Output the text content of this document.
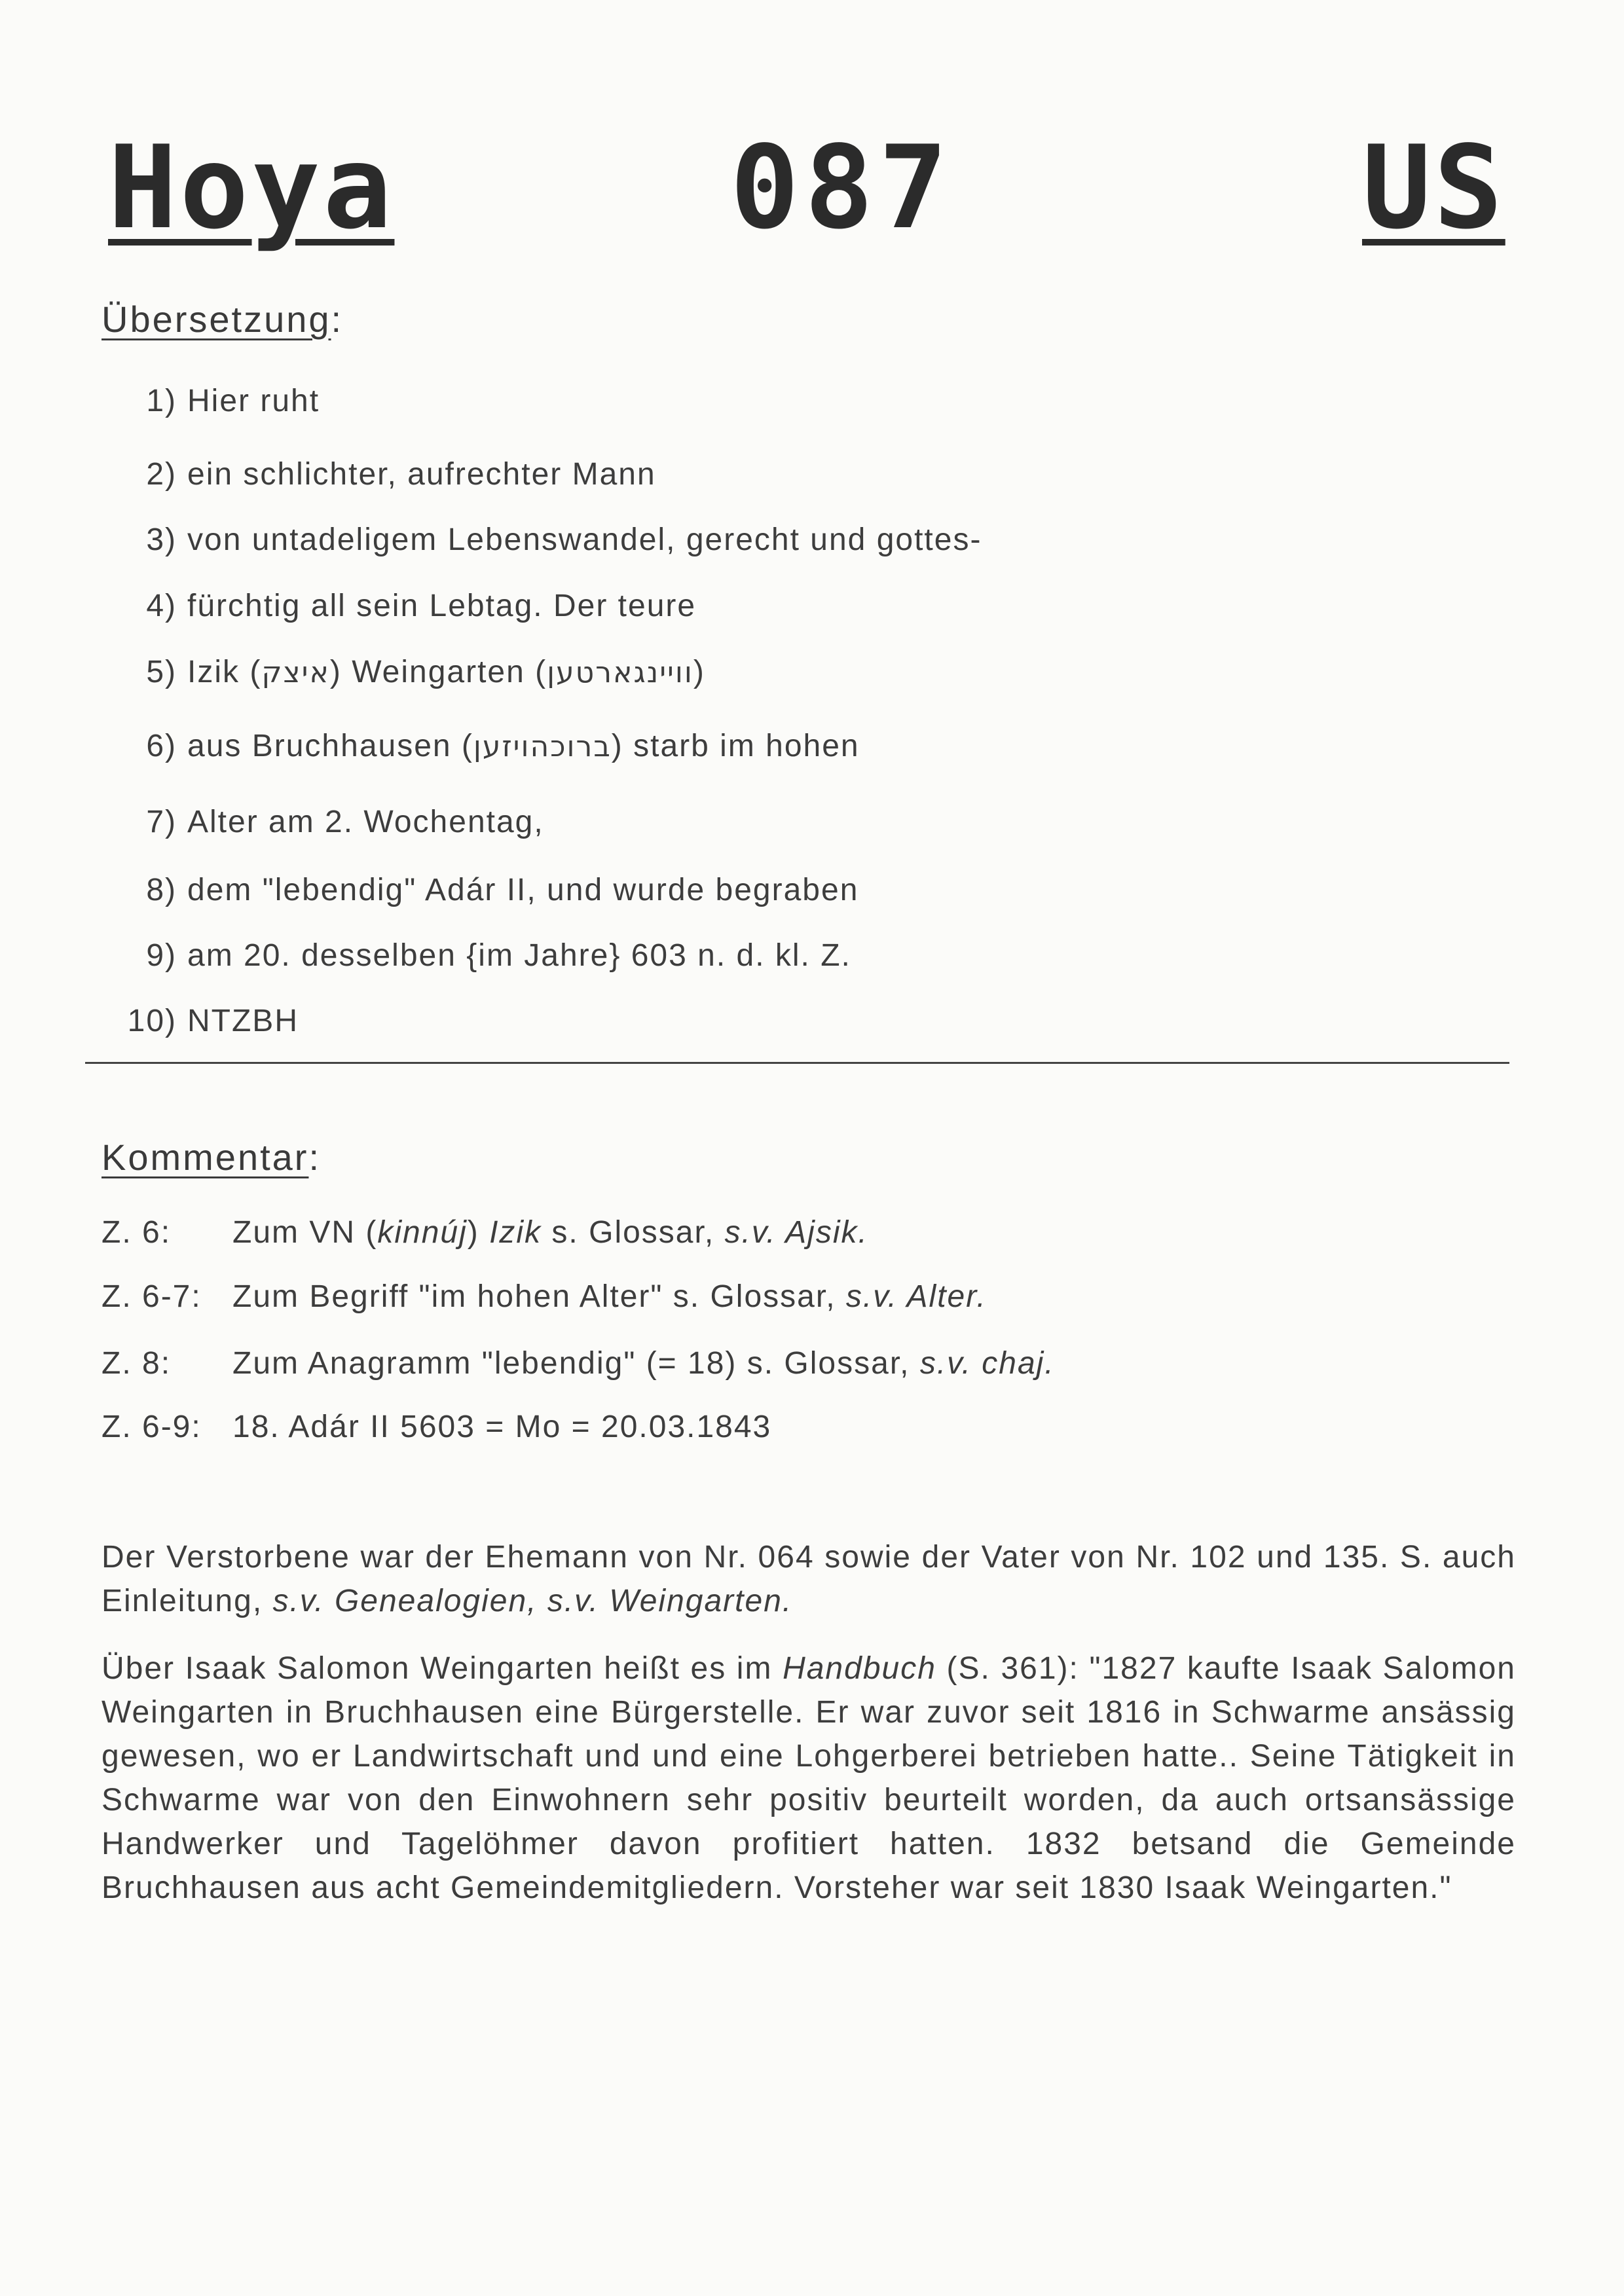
Hoya	087	US
Übersetzung:
1) Hier ruht
2) ein schlichter, aufrechter Mann
3) von untadeligem Lebenswandel, gerecht und gottes-
4) fürchtig all sein Lebtag. Der teure
5) Izik (איצק) Weingarten (וויינגארטען)
6) aus Bruchhausen (ברוכהויזען) starb im hohen
7) Alter am 2. Wochentag,
8) dem "lebendig" Adár II, und wurde begraben
9) am 20. desselben {im Jahre} 603 n. d. kl. Z.
10) NTZBH
Kommentar:
Z. 6: Zum VN (kinnúj) Izik s. Glossar, s.v. Ajsik.
Z. 6-7: Zum Begriff "im hohen Alter" s. Glossar, s.v. Alter.
Z. 8: Zum Anagramm "lebendig" (= 18) s. Glossar, s.v. chaj.
Z. 6-9: 18. Adár II 5603 = Mo = 20.03.1843
Der Verstorbene war der Ehemann von Nr. 064 sowie der Vater von Nr. 102 und 135. S. auch Einleitung, s.v. Genealogien, s.v. Weingarten.
Über Isaak Salomon Weingarten heißt es im Handbuch (S. 361): "1827 kaufte Isaak Salomon Weingarten in Bruchhausen eine Bürgerstelle. Er war zuvor seit 1816 in Schwarme ansässig gewesen, wo er Landwirtschaft und und eine Lohgerberei betrieben hatte.. Seine Tätigkeit in Schwarme war von den Einwohnern sehr positiv beurteilt worden, da auch ortsansässige Handwerker und Tagelöhmer davon profitiert hatten. 1832 betsand die Gemeinde Bruchhausen aus acht Gemeindemitgliedern. Vorsteher war seit 1830 Isaak Weingarten."
